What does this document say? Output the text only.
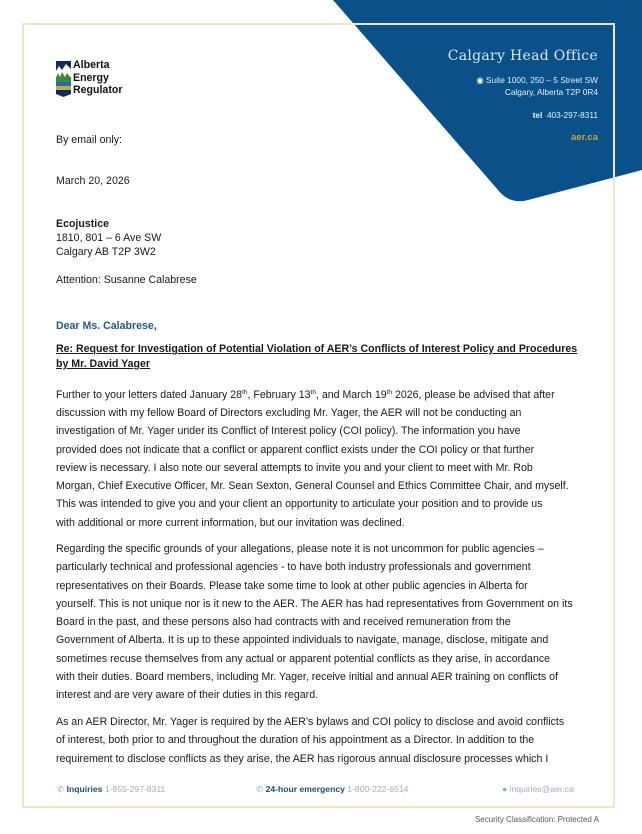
Alberta
Energy
Regulator
Calgary Head Office
◉ Suite 1000, 250 – 5 Street SW
Calgary, Alberta T2P 0R4
tel 403-297-8311
aer.ca
By email only:
March 20, 2026
Ecojustice
1810, 801 – 6 Ave SW
Calgary AB T2P 3W2
Attention: Susanne Calabrese
Dear Ms. Calabrese,
Re: Request for Investigation of Potential Violation of AER’s Conflicts of Interest Policy and Procedures
by Mr. David Yager
Further to your letters dated January 28th, February 13th, and March 19th 2026, please be advised that after
discussion with my fellow Board of Directors excluding Mr. Yager, the AER will not be conducting an
investigation of Mr. Yager under its Conflict of Interest policy (COI policy). The information you have
provided does not indicate that a conflict or apparent conflict exists under the COI policy or that further
review is necessary. I also note our several attempts to invite you and your client to meet with Mr. Rob
Morgan, Chief Executive Officer, Mr. Sean Sexton, General Counsel and Ethics Committee Chair, and myself.
This was intended to give you and your client an opportunity to articulate your position and to provide us
with additional or more current information, but our invitation was declined.
Regarding the specific grounds of your allegations, please note it is not uncommon for public agencies –
particularly technical and professional agencies - to have both industry professionals and government
representatives on their Boards. Please take some time to look at other public agencies in Alberta for
yourself. This is not unique nor is it new to the AER. The AER has had representatives from Government on its
Board in the past, and these persons also had contracts with and received remuneration from the
Government of Alberta. It is up to these appointed individuals to navigate, manage, disclose, mitigate and
sometimes recuse themselves from any actual or apparent potential conflicts as they arise, in accordance
with their duties. Board members, including Mr. Yager, receive initial and annual AER training on conflicts of
interest and are very aware of their duties in this regard.
As an AER Director, Mr. Yager is required by the AER’s bylaws and COI policy to disclose and avoid conflicts
of interest, both prior to and throughout the duration of his appointment as a Director. In addition to the
requirement to disclose conflicts as they arise, the AER has rigorous annual disclosure processes which I
✆ Inquiries 1-855-297-8311	✆ 24-hour emergency 1-800-222-6514	● inquiries@aer.ca
Security Classification: Protected A
